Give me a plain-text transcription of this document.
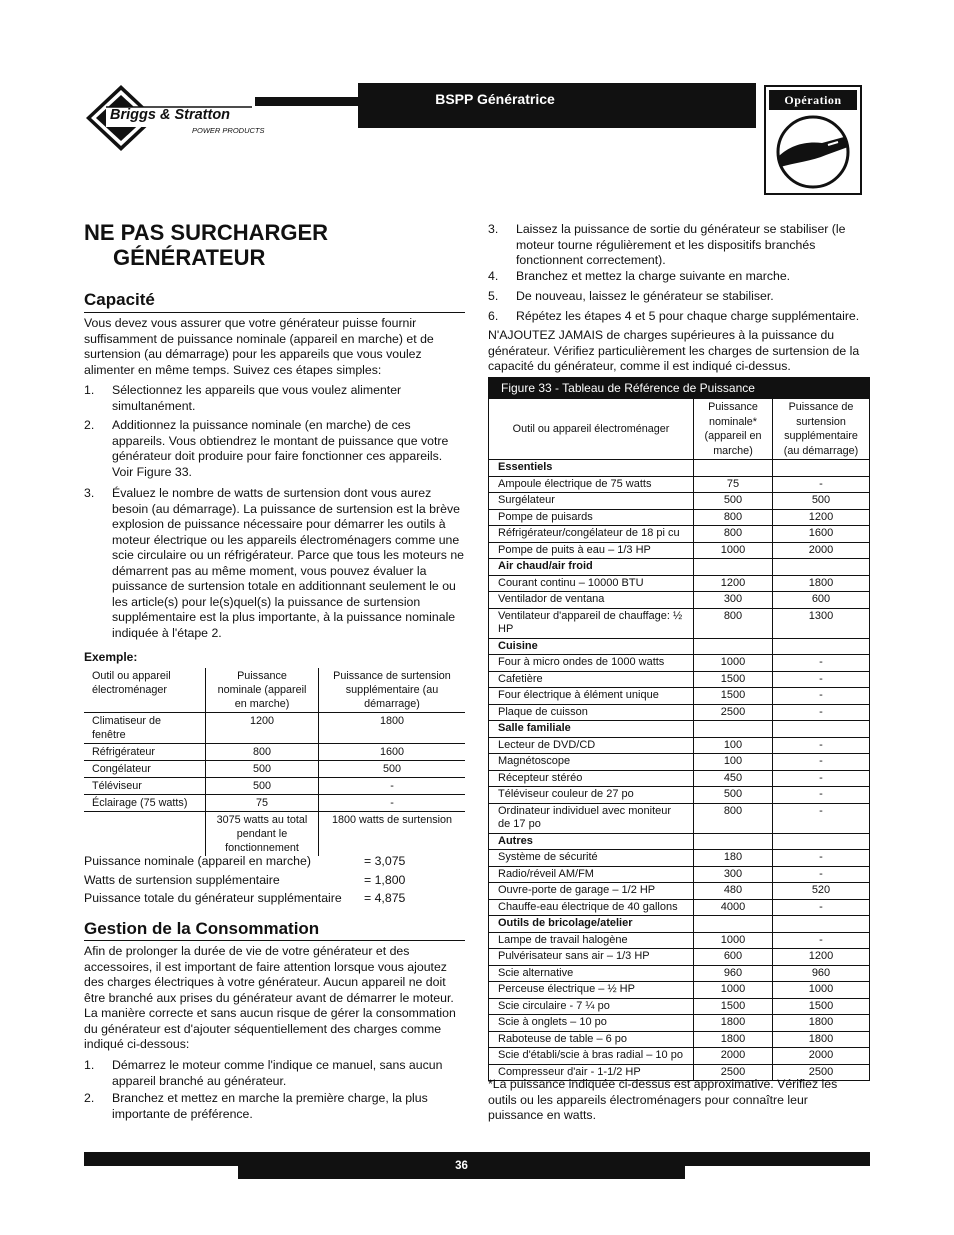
Briggs & Stratton
POWER PRODUCTS
BSPP Génératrice	Opération
NE PAS SURCHARGER
GÉNÉRATEUR
Capacité
Vous devez vous assurer que votre générateur puisse fournir suffisamment de puissance nominale (appareil en marche) et de surtension (au démarrage) pour les appareils que vous voulez alimenter en même temps. Suivez ces étapes simples:
1. Sélectionnez les appareils que vous voulez alimenter simultanément.
2. Additionnez la puissance nominale (en marche) de ces appareils. Vous obtiendrez le montant de puissance que votre générateur doit produire pour faire fonctionner ces appareils. Voir Figure 33.
3. Évaluez le nombre de watts de surtension dont vous aurez besoin (au démarrage). La puissance de surtension est la brève explosion de puissance nécessaire pour démarrer les outils à moteur électrique ou les appareils électroménagers comme une scie circulaire ou un réfrigérateur. Parce que tous les moteurs ne démarrent pas au même moment, vous pouvez évaluer la puissance de surtension totale en additionnant seulement le ou les article(s) pour le(s)quel(s) la puissance de surtension supplémentaire est la plus importante, à la puissance nominale indiquée à l'étape 2.
Exemple:
Outil ou appareil électroménager	Puissance nominale (appareil en marche)	Puissance de surtension supplémentaire (au démarrage)
Climatiseur de fenêtre	1200	1800
Réfrigérateur	800	1600
Congélateur	500	500
Téléviseur	500	-
Éclairage (75 watts)	75	-
	3075 watts au total pendant le fonctionnement	1800 watts de surtension
Puissance nominale (appareil en marche)	= 3,075
Watts de surtension supplémentaire	= 1,800
Puissance totale du générateur supplémentaire = 4,875
Gestion de la Consommation
Afin de prolonger la durée de vie de votre générateur et des accessoires, il est important de faire attention lorsque vous ajoutez des charges électriques à votre générateur. Aucun appareil ne doit être branché aux prises du générateur avant de démarrer le moteur. La manière correcte et sans aucun risque de gérer la consommation du générateur est d'ajouter séquentiellement des charges comme indiqué ci-dessous:
1. Démarrez le moteur comme l'indique ce manuel, sans aucun appareil branché au générateur.
2. Branchez et mettez en marche la première charge, la plus importante de préférence.
3. Laissez la puissance de sortie du générateur se stabiliser (le moteur tourne régulièrement et les dispositifs branchés fonctionnent correctement).
4. Branchez et mettez la charge suivante en marche.
5. De nouveau, laissez le générateur se stabiliser.
6. Répétez les étapes 4 et 5 pour chaque charge supplémentaire.
N'AJOUTEZ JAMAIS de charges supérieures à la puissance du générateur. Vérifiez particulièrement les charges de surtension de la capacité du générateur, comme il est indiqué ci-dessus.
Figure 33 - Tableau de Référence de Puissance
Outil ou appareil électroménager	Puissance nominale* (appareil en marche)	Puissance de surtension supplémentaire (au démarrage)
Essentiels		
Ampoule électrique de 75 watts	75	-
Surgélateur	500	500
Pompe de puisards	800	1200
Réfrigérateur/congélateur de 18 pi cu	800	1600
Pompe de puits à eau – 1/3 HP	1000	2000
Air chaud/air froid		
Courant continu – 10000 BTU	1200	1800
Ventilador de ventana	300	600
Ventilateur d'appareil de chauffage: ½ HP	800	1300
Cuisine		
Four à micro ondes de 1000 watts	1000	-
Cafetière	1500	-
Four électrique à élément unique	1500	-
Plaque de cuisson	2500	-
Salle familiale		
Lecteur de DVD/CD	100	-
Magnétoscope	100	-
Récepteur stéréo	450	-
Téléviseur couleur de 27 po	500	-
Ordinateur individuel avec moniteur de 17 po	800	-
Autres		
Système de sécurité	180	-
Radio/réveil AM/FM	300	-
Ouvre-porte de garage – 1/2 HP	480	520
Chauffe-eau électrique de 40 gallons	4000	-
Outils de bricolage/atelier		
Lampe de travail halogène	1000	-
Pulvérisateur sans air – 1/3 HP	600	1200
Scie alternative	960	960
Perceuse électrique – ½ HP	1000	1000
Scie circulaire - 7 ¼ po	1500	1500
Scie à onglets – 10 po	1800	1800
Raboteuse de table – 6 po	1800	1800
Scie d'établi/scie à bras radial – 10 po	2000	2000
Compresseur d'air - 1-1/2 HP	2500	2500
*La puissance indiquée ci-dessus est approximative. Vérifiez les outils ou les appareils électroménagers pour connaître leur puissance en watts.
36
